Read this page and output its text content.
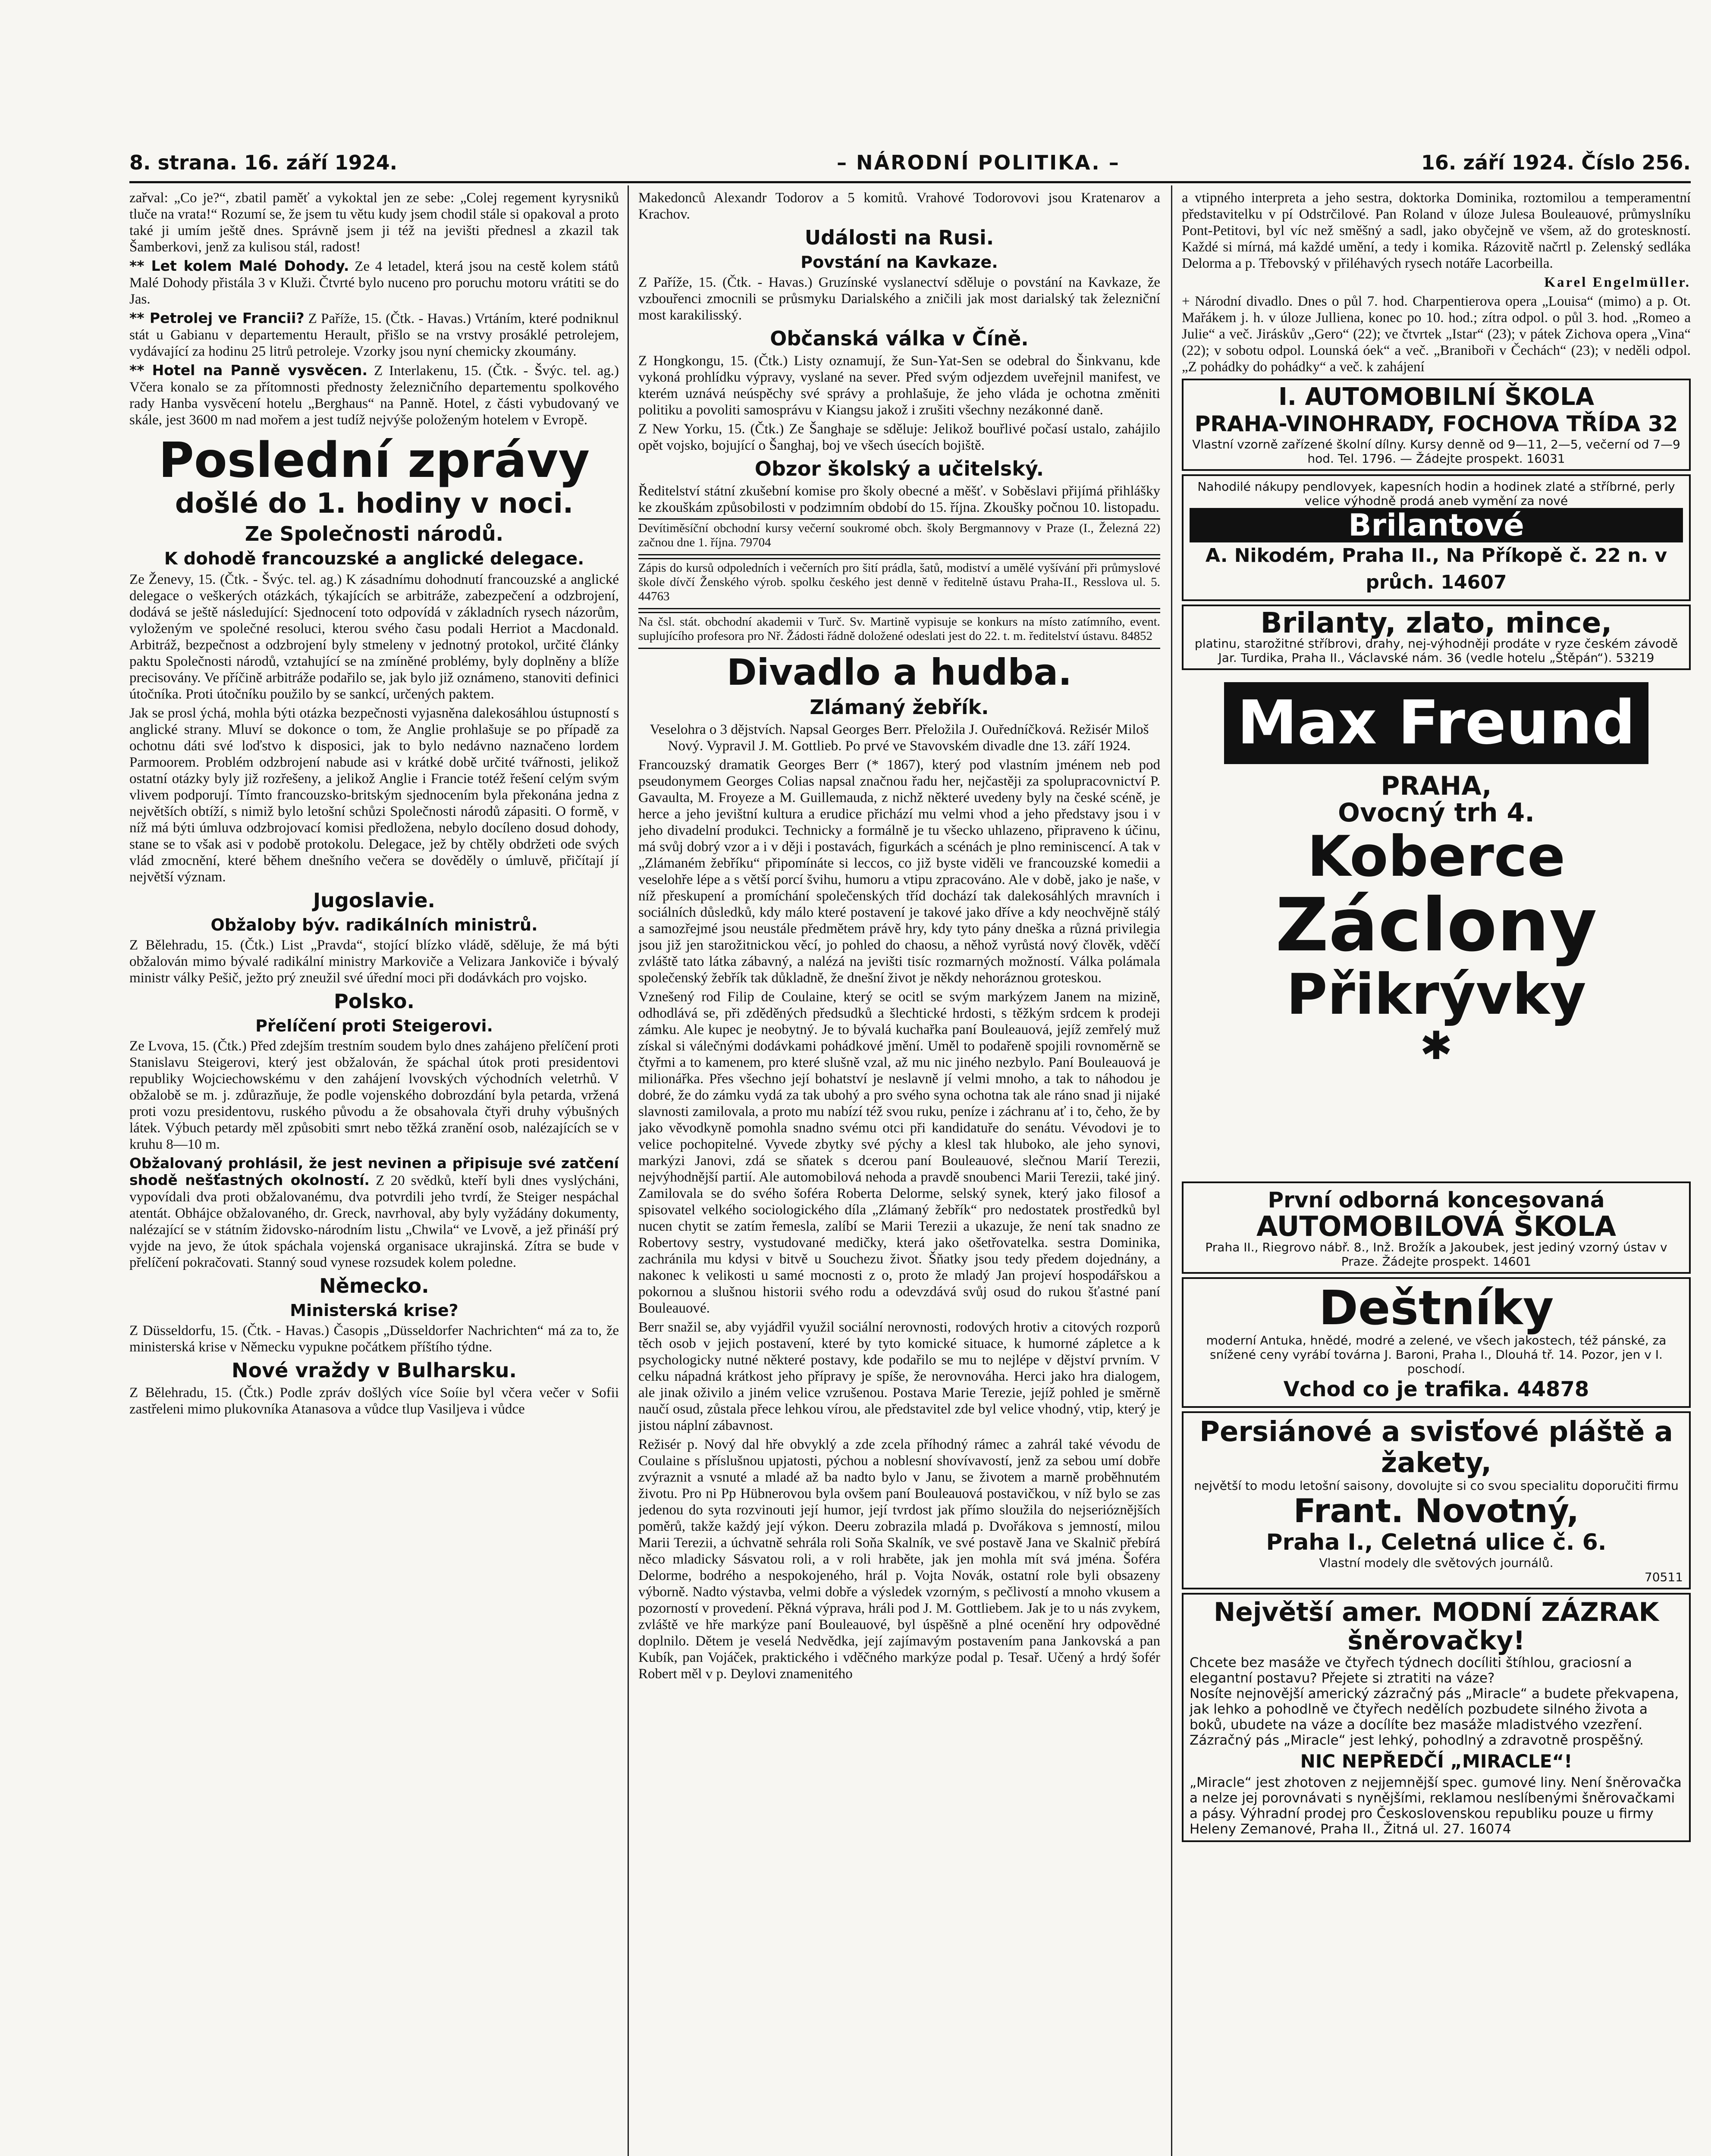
8. strana. 16. září 1924.	– NÁRODNÍ POLITIKA. –	16. září 1924. Číslo 256.

zařval: „Co je?“, zbatil paměť a vykoktal jen ze sebe: „Colej regement kyrysniků tluče na vrata!“ Rozumí se, že jsem tu větu kudy jsem chodil stále si opakoval a proto také ji umím ještě dnes. Správně jsem ji též na jevišti přednesl a zkazil tak Šamberkovi, jenž za kulisou stál, radost!

** Let kolem Malé Dohody. Ze 4 letadel, která jsou na cestě kolem států Malé Dohody přistála 3 v Kluži. Čtvrté bylo nuceno pro poruchu motoru vrátiti se do Jas.

** Petrolej ve Francii? Z Paříže, 15. (Čtk. - Havas.) Vrtáním, které podniknul stát u Gabianu v departementu Herault, přišlo se na vrstvy prosáklé petrolejem, vydávající za hodinu 25 litrů petroleje. Vzorky jsou nyní chemicky zkoumány.

** Hotel na Panně vysvěcen. Z Interlakenu, 15. (Čtk. - Švýc. tel. ag.) Včera konalo se za přítomnosti přednosty železničního departementu spolkového rady Hanba vysvěcení hotelu „Berghaus“ na Panně. Hotel, z části vybudovaný ve skále, jest 3600 m nad mořem a jest tudíž nejvýše položeným hotelem v Evropě.

Poslední zprávy
došlé do 1. hodiny v noci.
Ze Společnosti národů.
K dohodě francouzské a anglické delegace.

Ze Ženevy, 15. (Čtk. - Švýc. tel. ag.) K zásadnímu dohodnutí francouzské a anglické delegace o veškerých otázkách, týkajících se arbitráže, zabezpečení a odzbrojení, dodává se ještě následující: Sjednocení toto odpovídá v základních rysech názorům, vyloženým ve společné resoluci, kterou svého času podali Herriot a Macdonald. Arbitráž, bezpečnost a odzbrojení byly stmeleny v jednotný protokol, určité články paktu Společnosti národů, vztahující se na zmíněné problémy, byly doplněny a blíže precisovány. Ve příčině arbitráže podařilo se, jak bylo již oznámeno, stanoviti definici útočníka. Proti útočníku použilo by se sankcí, určených paktem.

Jak se prosl ýchá, mohla býti otázka bezpečnosti vyjasněna dalekosáhlou ústupností s anglické strany. Mluví se dokonce o tom, že Anglie prohlašuje se po případě za ochotnu dáti své loďstvo k disposici, jak to bylo nedávno naznačeno lordem Parmoorem. Problém odzbrojení nabude asi v krátké době určité tvářnosti, jelikož ostatní otázky byly již rozřešeny, a jelikož Anglie i Francie totéž řešení celým svým vlivem podporují. Tímto francouzsko-britským sjednocením byla překonána jedna z největších obtíží, s nimiž bylo letošní schůzi Společnosti národů zápasiti. O formě, v níž má býti úmluva odzbrojovací komisi předložena, nebylo docíleno dosud dohody, stane se to však asi v podobě protokolu. Delegace, jež by chtěly obdržeti ode svých vlád zmocnění, které během dnešního večera se dověděly o úmluvě, přičítají jí největší význam.

Jugoslavie.
Obžaloby býv. radikálních ministrů.

Z Bělehradu, 15. (Čtk.) List „Pravda“, stojící blízko vládě, sděluje, že má býti obžalován mimo bývalé radikální ministry Markoviče a Velizara Jankoviče i bývalý ministr války Pešič, ježto prý zneužil své úřední moci při dodávkách pro vojsko.

Polsko.
Přelíčení proti Steigerovi.

Ze Lvova, 15. (Čtk.) Před zdejším trestním soudem bylo dnes zahájeno přelíčení proti Stanislavu Steigerovi, který jest obžalován, že spáchal útok proti presidentovi republiky Wojciechowskému v den zahájení lvovských východních veletrhů. V obžalobě se m. j. zdůrazňuje, že podle vojenského dobrozdání byla petarda, vržená proti vozu presidentovu, ruského původu a že obsahovala čtyři druhy výbušných látek. Výbuch petardy měl způsobiti smrt nebo těžká zranění osob, nalézajících se v kruhu 8—10 m.

Obžalovaný prohlásil, že jest nevinen a připisuje své zatčení shodě nešťastných okolností. Z 20 svědků, kteří byli dnes vyslýcháni, vypovídali dva proti obžalovanému, dva potvrdili jeho tvrdí, že Steiger nespáchal atentát. Obhájce obžalovaného, dr. Greck, navrhoval, aby byly vyžádány dokumenty, nalézající se v státním židovsko-národním listu „Chwila“ ve Lvově, a jež přináší prý vyjde na jevo, že útok spáchala vojenská organisace ukrajinská. Zítra se bude v přelíčení pokračovati. Stanný soud vynese rozsudek kolem poledne.

Německo.
Ministerská krise?

Z Düsseldorfu, 15. (Čtk. - Havas.) Časopis „Düsseldorfer Nachrichten“ má za to, že ministerská krise v Německu vypukne počátkem příštího týdne.

Nové vraždy v Bulharsku.

Z Bělehradu, 15. (Čtk.) Podle zpráv došlých více Soíie byl včera večer v Sofii zastřeleni mimo plukovníka Atanasova a vůdce tlup Vasiljeva i vůdce

Makedonců Alexandr Todorov a 5 komitů. Vrahové Todorovovi jsou Kratenarov a Krachov.

Události na Rusi.
Povstání na Kavkaze.

Z Paříže, 15. (Čtk. - Havas.) Gruzínské vyslanectví sděluje o povstání na Kavkaze, že vzbouřenci zmocnili se průsmyku Darialského a zničili jak most darialský tak železniční most karakilisský.

Občanská válka v Číně.

Z Hongkongu, 15. (Čtk.) Listy oznamují, že Sun-Yat-Sen se odebral do Šinkvanu, kde vykoná prohlídku výpravy, vyslané na sever. Před svým odjezdem uveřejnil manifest, ve kterém uznává neúspěchy své správy a prohlašuje, že jeho vláda je ochotna změniti politiku a povoliti samosprávu v Kiangsu jakož i zrušiti všechny nezákonné daně.

Z New Yorku, 15. (Čtk.) Ze Šanghaje se sděluje: Jelikož bouřlivé počasí ustalo, zahájilo opět vojsko, bojující o Šanghaj, boj ve všech úsecích bojiště.

Obzor školský a učitelský.

Ředitelství státní zkušební komise pro školy obecné a měšť. v Soběslavi přijímá přihlášky ke zkouškám způsobilosti v podzimním období do 15. října. Zkoušky počnou 10. listopadu.

Devítiměsíční obchodní kursy večerní soukromé obch. školy Bergmannovy v Praze (I., Železná 22) začnou dne 1. října. 79704

Zápis do kursů odpoledních i večerních pro šití prádla, šatů, modiství a umělé vyšívání při průmyslové škole dívčí Ženského výrob. spolku českého jest denně v ředitelně ústavu Praha-II., Resslova ul. 5. 44763

Na čsl. stát. obchodní akademii v Turč. Sv. Martině vypisuje se konkurs na místo zatímního, event. suplujícího profesora pro Nř. Žádosti řádně doložené odeslati jest do 22. t. m. ředitelství ústavu. 84852

Divadlo a hudba.
Zlámaný žebřík.

Veselohra o 3 dějstvích. Napsal Georges Berr. Přeložila J. Ouředníčková. Režisér Miloš Nový. Vypravil J. M. Gottlieb. Po prvé ve Stavovském divadle dne 13. září 1924.

Francouzský dramatik Georges Berr (* 1867), který pod vlastním jménem neb pod pseudonymem Georges Colias napsal značnou řadu her, nejčastěji za spolupracovnictví P. Gavaulta, M. Froyeze a M. Guillemauda, z nichž některé uvedeny byly na české scéně, je herce a jeho jevištní kultura a erudice přichází mu velmi vhod a jeho představy jsou i v jeho divadelní produkci. Technicky a formálně je tu všecko uhlazeno, připraveno k účinu, má svůj dobrý vzor a i v ději i postavách, figurkách a scénách je plno reminiscencí. A tak v „Zlámaném žebříku“ připomínáte si leccos, co již byste viděli ve francouzské komedii a veselohře lépe a s větší porcí švihu, humoru a vtipu zpracováno. Ale v době, jako je naše, v níž přeskupení a promíchání společenských tříd dochází tak dalekosáhlých mravních i sociálních důsledků, kdy málo které postavení je takové jako dříve a kdy neochvějně stálý a samozřejmé jsou neustále předmětem právě hry, kdy tyto pány dneška a různá privilegia jsou již jen starožitnickou věcí, jo pohled do chaosu, a něhož vyrůstá nový člověk, vděčí zvláště tato látka zábavný, a nalézá na jevišti tisíc rozmarných možností. Válka polámala společenský žebřík tak důkladně, že dnešní život je někdy nehoráznou groteskou.

Vznešený rod Filip de Coulaine, který se ocitl se svým markýzem Janem na mizině, odhodlává se, při zděděných předsudků a šlechtické hrdosti, s těžkým srdcem k prodeji zámku. Ale kupec je neobytný. Je to bývalá kuchařka paní Bouleauová, jejíž zemřelý muž získal si válečnými dodávkami pohádkové jmění. Uměl to podařeně spojili rovnoměrně se čtyřmi a to kamenem, pro které slušně vzal, až mu nic jiného nezbylo. Paní Bouleauová je milionářka. Přes všechno její bohatství je neslavně jí velmi mnoho, a tak to náhodou je dobré, že do zámku vydá za tak ubohý a pro svého syna ochotna tak ale ráno snad ji nijaké slavnosti zamilovala, a proto mu nabízí též svou ruku, peníze i záchranu ať i to, čeho, že by jako věvodkyně pomohla snadno svému otci při kandidatuře do senátu. Vévodovi je to velice pochopitelné. Vyvede zbytky své pýchy a klesl tak hluboko, ale jeho synovi, markýzi Janovi, zdá se sňatek s dcerou paní Bouleauové, slečnou Marií Terezii, nejvýhodnější partií. Ale automobilová nehoda a pravdě snoubenci Marii Terezii, také jiný. Zamilovala se do svého šoféra Roberta Delorme, selský synek, který jako filosof a spisovatel velkého sociologického díla „Zlámaný žebřík“ pro nedostatek prostředků byl nucen chytit se zatím řemesla, zalíbí se Marii Terezii a ukazuje, že není tak snadno ze Robertovy sestry, vystudované medičky, která jako ošetřovatelka. sestra Dominika, zachránila mu kdysi v bitvě u Souchezu život. Šňatky jsou tedy předem dojednány, a nakonec k velikosti u samé mocnosti z o, proto že mladý Jan projeví hospodářskou a pokornou a slušnou historii svého rodu a odevzdává svůj osud do rukou šťastné paní Bouleauové.

Berr snažil se, aby vyjádřil využil sociální nerovnosti, rodových hrotiv a citových rozporů těch osob v jejich postavení, které by tyto komické situace, k humorné zápletce a k psychologicky nutné některé postavy, kde podařilo se mu to nejlépe v dějství prvním. V celku nápadná krátkost jeho přípravy je spíše, že nerovnováha. Herci jako hra dialogem, ale jinak oživilo a jiném velice vzrušenou. Postava Marie Terezie, jejíž pohled je směrně naučí osud, zůstala přece lehkou vírou, ale představitel zde byl velice vhodný, vtip, který je jistou náplní zábavnost.

Režisér p. Nový dal hře obvyklý a zde zcela příhodný rámec a zahrál také vévodu de Coulaine s příslušnou upjatosti, pýchou a noblesní shovívavostí, jenž za sebou umí dobře zvýraznit a vsnuté a mladé až ba nadto bylo v Janu, se životem a marně proběhnutém životu. Pro ni Pp Hübnerovou byla ovšem paní Bouleauová postavičkou, v níž bylo se zas jedenou do syta rozvinouti její humor, její tvrdost jak přímo sloužila do nejserióznějších poměrů, takže každý její výkon. Deeru zobrazila mladá p. Dvořákova s jemností, milou Marii Terezii, a úchvatně sehrála roli Soňa Skalník, ve své postavě Jana ve Skalnič přebírá něco mladicky Sásvatou roli, a v roli hraběte, jak jen mohla mít svá jména. Šoféra Delorme, bodrého a nespokojeného, hrál p. Vojta Novák, ostatní role byli obsazeny výborně. Nadto výstavba, velmi dobře a výsledek vzorným, s pečlivostí a mnoho vkusem a pozorností v provedení. Pěkná výprava, hráli pod J. M. Gottliebem. Jak je to u nás zvykem, zvláště ve hře markýze paní Bouleauové, byl úspěšně a plné ocenění hry odpovědné doplnilo. Dětem je veselá Nedvědka, její zajímavým postavením pana Jankovská a pan Kubík, pan Vojáček, praktického i vděčného markýze podal p. Tesař. Učený a hrdý šofér Robert měl v p. Deylovi znamenitého

a vtipného interpreta a jeho sestra, doktorka Dominika, roztomilou a temperamentní představitelku v pí Odstrčilové. Pan Roland v úloze Julesa Bouleauové, průmyslníku Pont-Petitovi, byl víc než směšný a sadl, jako obyčejně ve všem, až do groteskností. Každé si mírná, má každé umění, a tedy i komika. Rázovitě načrtl p. Zelenský sedláka Delorma a p. Třebovský v přiléhavých rysech notáře Lacorbeilla.

Karel Engelmüller.

+ Národní divadlo. Dnes o půl 7. hod. Charpentierova opera „Louisa“ (mimo) a p. Ot. Mařákem j. h. v úloze Julliena, konec po 10. hod.; zítra odpol. o půl 3. hod. „Romeo a Julie“ a več. Jiráskův „Gero“ (22); ve čtvrtek „Istar“ (23); v pátek Zichova opera „Vina“ (22); v sobotu odpol. Lounská óek“ a več. „Braniboři v Čechách“ (23); v neděli odpol. „Z pohádky do pohádky“ a več. k zahájení

I. AUTOMOBILNÍ ŠKOLA
PRAHA-VINOHRADY, FOCHOVA TŘÍDA 32
Vlastní vzorně zařízené školní dílny. Kursy denně od 9—11, 2—5, večerní od 7—9 hod. Tel. 1796. — Žádejte prospekt. 16031
Nahodilé nákupy pendlovyek, kapesních hodin a hodinek zlaté a stříbrné, perly velice výhodně prodá aneb vymění za nové
Brilantové
A. Nikodém, Praha II., Na Příkopě č. 22 n. v průch. 14607
Brilanty, zlato, mince,
platinu, starožitné stříbrovi, drahy, nej-výhodněji prodáte v ryze českém závodě Jar. Turdika, Praha II., Václavské nám. 36 (vedle hotelu „Štěpán“). 53219
Max Freund
PRAHA,
Ovocný trh 4.
Koberce
Záclony
Přikrývky
✱
První odborná koncesovaná
AUTOMOBILOVÁ ŠKOLA
Praha II., Riegrovo nábř. 8., Inž. Brožík a Jakoubek, jest jediný vzorný ústav v Praze. Žádejte prospekt. 14601
Deštníky
moderní Antuka, hnědé, modré a zelené, ve všech jakostech, též pánské, za snížené ceny vyrábí továrna J. Baroni, Praha I., Dlouhá tř. 14. Pozor, jen v I. poschodí.
Vchod co je trafika. 44878
Persiánové a svisťové pláště a žakety,
největší to modu letošní saisony, dovolujte si co svou specialitu doporučiti firmu
Frant. Novotný,
Praha I., Celetná ulice č. 6.
Vlastní modely dle světových journálů.
70511
Největší amer. MODNÍ ZÁZRAK šněrovačky!
Chcete bez masáže ve čtyřech týdnech docíliti štíhlou, graciosní a elegantní postavu? Přejete si ztratiti na váze?
Nosíte nejnovější americký zázračný pás „Miracle“ a budete překvapena, jak lehko a pohodlně ve čtyřech nedělích pozbudete silného života a boků, ubudete na váze a docílíte bez masáže mladistvého vzezření. Zázračný pás „Miracle“ jest lehký, pohodlný a zdravotně prospěšný.
NIC NEPŘEDČÍ „MIRACLE“!
„Miracle“ jest zhotoven z nejjemnější spec. gumové liny. Není šněrovačka a nelze jej porovnávati s nynějšími, reklamou neslíbenými šněrovačkami a pásy. Výhradní prodej pro Československou republiku pouze u firmy Heleny Zemanové, Praha II., Žitná ul. 27. 16074
